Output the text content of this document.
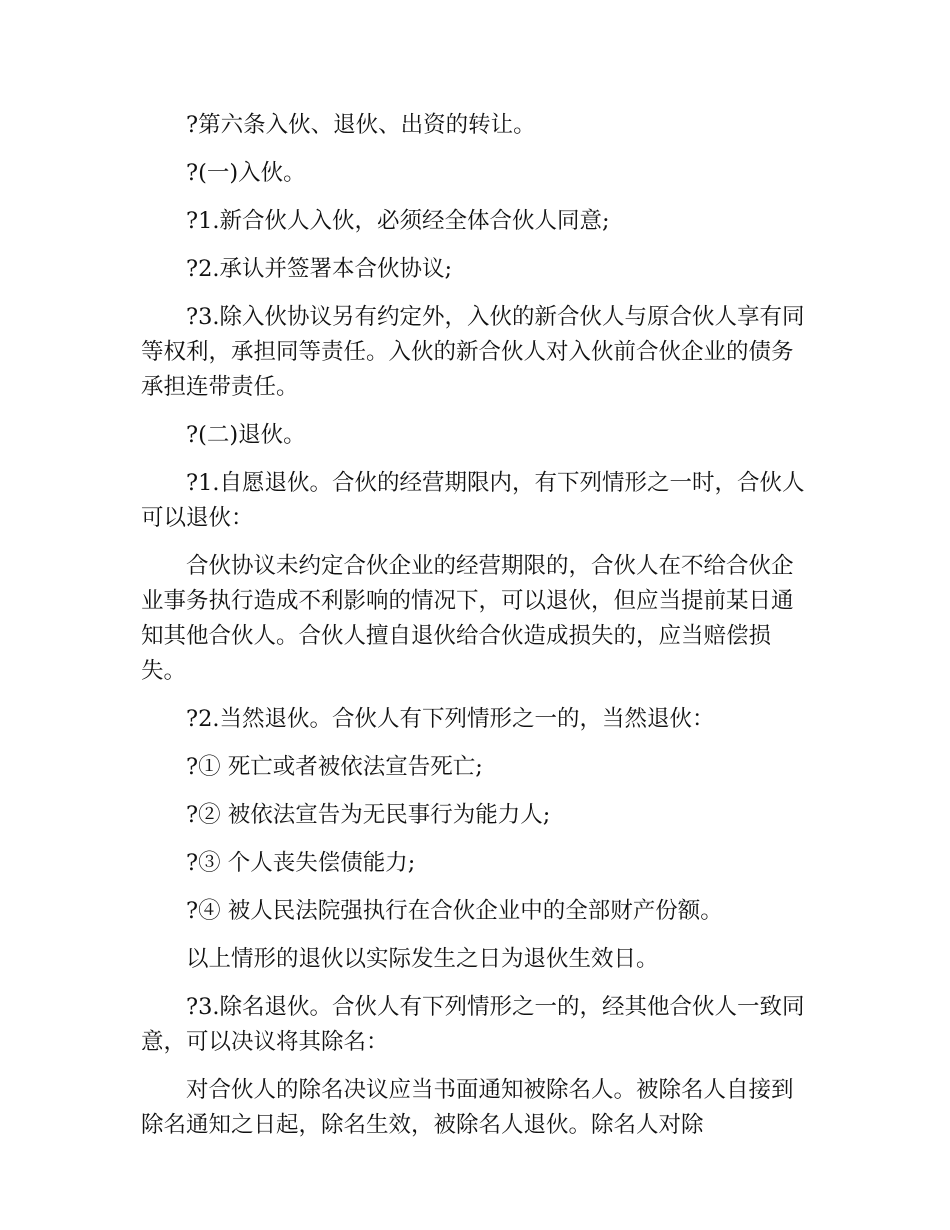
?第六条入伙、退伙、出资的转让。

?(一)入伙。

?1.新合伙人入伙，必须经全体合伙人同意;

?2.承认并签署本合伙协议;

?3.除入伙协议另有约定外，入伙的新合伙人与原合伙人享有同等权利，承担同等责任。入伙的新合伙人对入伙前合伙企业的债务承担连带责任。

?(二)退伙。

?1.自愿退伙。合伙的经营期限内，有下列情形之一时，合伙人可以退伙：

合伙协议未约定合伙企业的经营期限的，合伙人在不给合伙企业事务执行造成不利影响的情况下，可以退伙，但应当提前某日通知其他合伙人。合伙人擅自退伙给合伙造成损失的，应当赔偿损失。

?2.当然退伙。合伙人有下列情形之一的，当然退伙：

?① 死亡或者被依法宣告死亡;

?② 被依法宣告为无民事行为能力人;

?③ 个人丧失偿债能力;

?④ 被人民法院强执行在合伙企业中的全部财产份额。

以上情形的退伙以实际发生之日为退伙生效日。

?3.除名退伙。合伙人有下列情形之一的，经其他合伙人一致同意，可以决议将其除名：

对合伙人的除名决议应当书面通知被除名人。被除名人自接到除名通知之日起，除名生效，被除名人退伙。除名人对除
